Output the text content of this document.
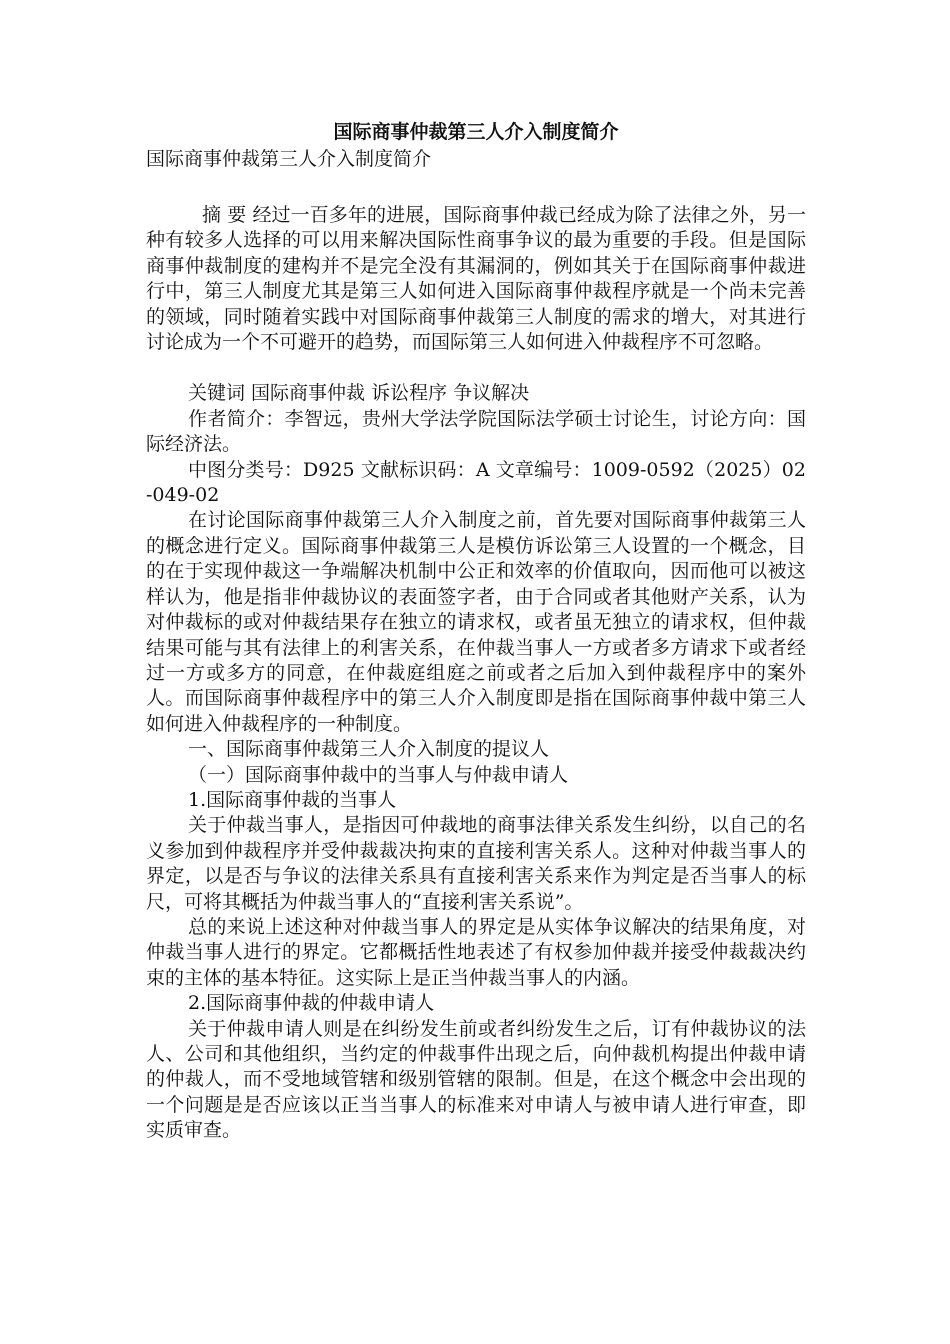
国际商事仲裁第三人介入制度简介
国际商事仲裁第三人介入制度简介

摘 要 经过一百多年的进展，国际商事仲裁已经成为除了法律之外，另一种有较多人选择的可以用来解决国际性商事争议的最为重要的手段。但是国际商事仲裁制度的建构并不是完全没有其漏洞的，例如其关于在国际商事仲裁进行中，第三人制度尤其是第三人如何进入国际商事仲裁程序就是一个尚未完善的领域，同时随着实践中对国际商事仲裁第三人制度的需求的增大，对其进行讨论成为一个不可避开的趋势，而国际第三人如何进入仲裁程序不可忽略。

关键词 国际商事仲裁 诉讼程序 争议解决

作者简介：李智远，贵州大学法学院国际法学硕士讨论生，讨论方向：国际经济法。

中图分类号：D925 文献标识码：A 文章编号：1009-0592（2025）02-049-02

在讨论国际商事仲裁第三人介入制度之前，首先要对国际商事仲裁第三人的概念进行定义。国际商事仲裁第三人是模仿诉讼第三人设置的一个概念，目的在于实现仲裁这一争端解决机制中公正和效率的价值取向，因而他可以被这样认为，他是指非仲裁协议的表面签字者，由于合同或者其他财产关系，认为对仲裁标的或对仲裁结果存在独立的请求权，或者虽无独立的请求权，但仲裁结果可能与其有法律上的利害关系，在仲裁当事人一方或者多方请求下或者经过一方或多方的同意，在仲裁庭组庭之前或者之后加入到仲裁程序中的案外人。而国际商事仲裁程序中的第三人介入制度即是指在国际商事仲裁中第三人如何进入仲裁程序的一种制度。

一、国际商事仲裁第三人介入制度的提议人

（一）国际商事仲裁中的当事人与仲裁申请人

1.国际商事仲裁的当事人

关于仲裁当事人，是指因可仲裁地的商事法律关系发生纠纷，以自己的名义参加到仲裁程序并受仲裁裁决拘束的直接利害关系人。这种对仲裁当事人的界定，以是否与争议的法律关系具有直接利害关系来作为判定是否当事人的标尺，可将其概括为仲裁当事人的“直接利害关系说”。

总的来说上述这种对仲裁当事人的界定是从实体争议解决的结果角度，对仲裁当事人进行的界定。它都概括性地表述了有权参加仲裁并接受仲裁裁决约束的主体的基本特征。这实际上是正当仲裁当事人的内涵。

2.国际商事仲裁的仲裁申请人

关于仲裁申请人则是在纠纷发生前或者纠纷发生之后，订有仲裁协议的法人、公司和其他组织，当约定的仲裁事件出现之后，向仲裁机构提出仲裁申请的仲裁人，而不受地域管辖和级别管辖的限制。但是，在这个概念中会出现的一个问题是是否应该以正当当事人的标准来对申请人与被申请人进行审查，即实质审查。
